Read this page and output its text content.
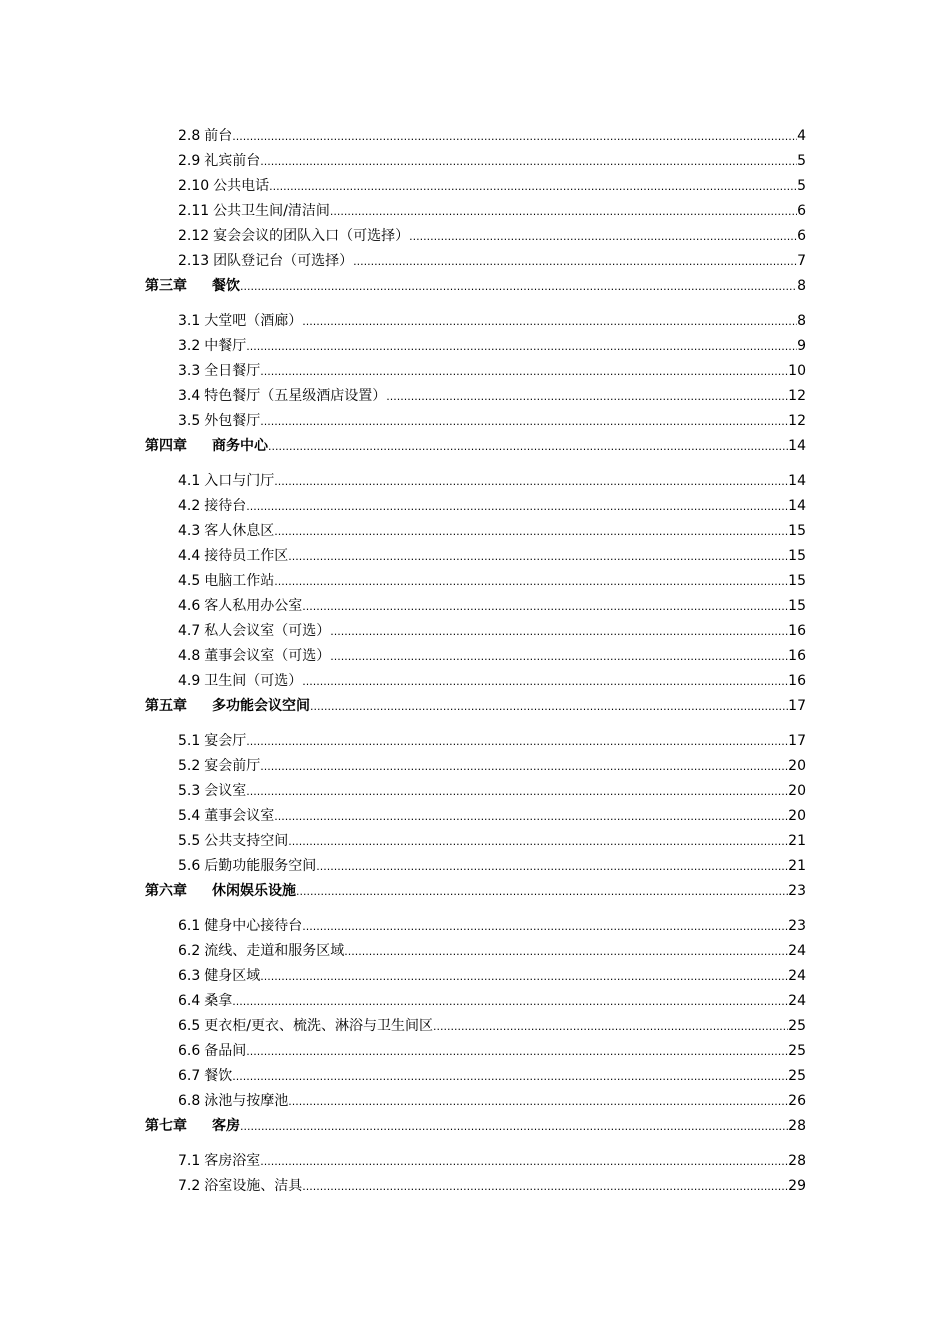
2.8 前台 .....	4
2.9 礼宾前台 .....	5
2.10 公共电话 .....	5
2.11 公共卫生间/清洁间 .....	6
2.12 宴会会议的团队入口（可选择） .....	6
2.13 团队登记台（可选择） .....	7
第三章 餐饮 .....	8
3.1 大堂吧（酒廊） .....	8
3.2 中餐厅 .....	9
3.3 全日餐厅 .....	10
3.4 特色餐厅（五星级酒店设置） .....	12
3.5 外包餐厅 .....	12
第四章 商务中心 .....	14
4.1 入口与门厅 .....	14
4.2 接待台 .....	14
4.3 客人休息区 .....	15
4.4 接待员工作区 .....	15
4.5 电脑工作站 .....	15
4.6 客人私用办公室 .....	15
4.7 私人会议室（可选） .....	16
4.8 董事会议室（可选） .....	16
4.9 卫生间（可选） .....	16
第五章 多功能会议空间 .....	17
5.1 宴会厅 .....	17
5.2 宴会前厅 .....	20
5.3 会议室 .....	20
5.4 董事会议室 .....	20
5.5 公共支持空间 .....	21
5.6 后勤功能服务空间 .....	21
第六章 休闲娱乐设施 .....	23
6.1 健身中心接待台 .....	23
6.2 流线、走道和服务区域 .....	24
6.3 健身区域 .....	24
6.4 桑拿 .....	24
6.5 更衣柜/更衣、梳洗、淋浴与卫生间区 .....	25
6.6 备品间 .....	25
6.7 餐饮 .....	25
6.8 泳池与按摩池 .....	26
第七章 客房 .....	28
7.1 客房浴室 .....	28
7.2 浴室设施、洁具 .....	29
